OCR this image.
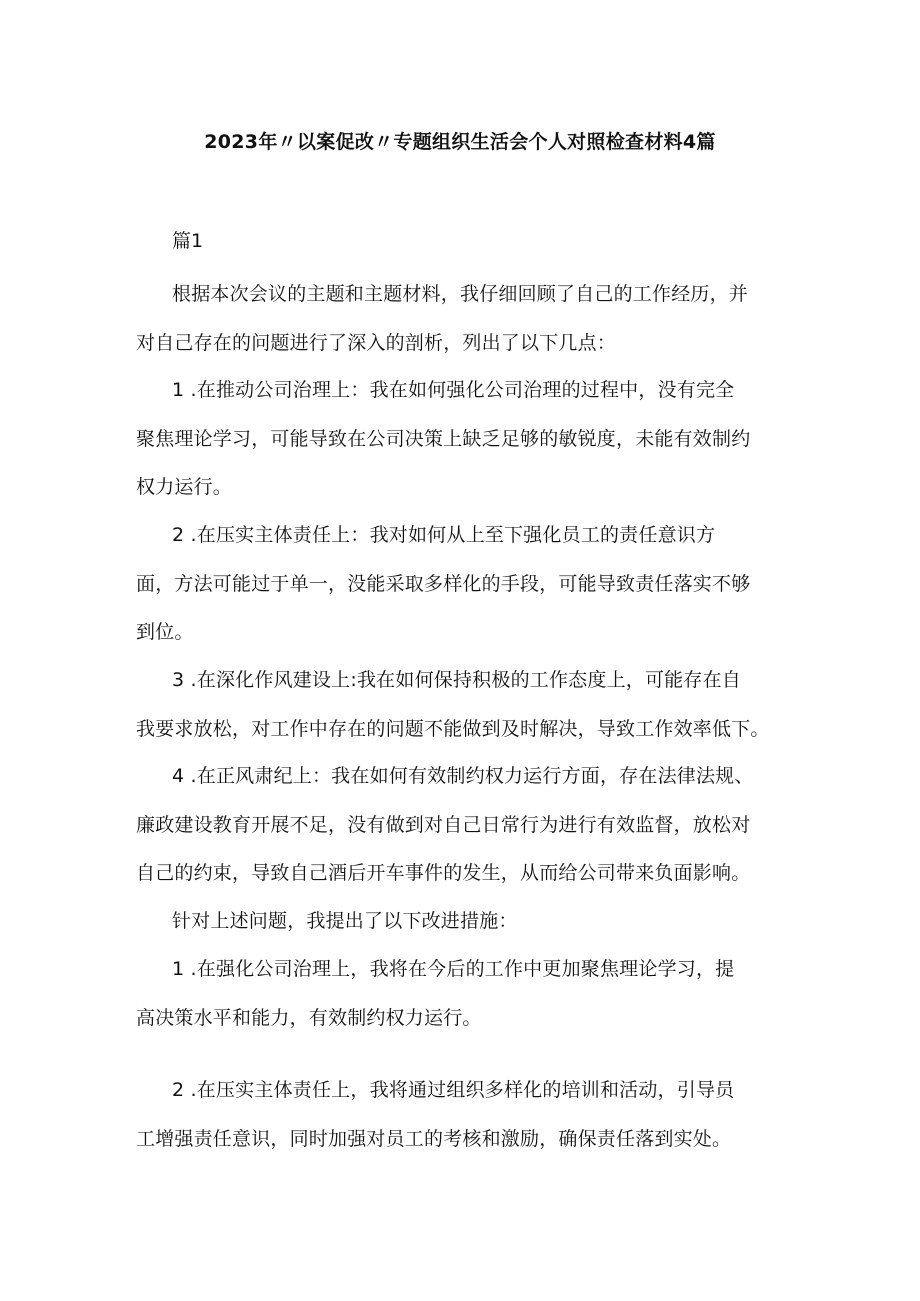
2023年〃以案促改〃专题组织生活会个人对照检查材料4篇
篇1
根据本次会议的主题和主题材料，我仔细回顾了自己的工作经历，并
对自己存在的问题进行了深入的剖析，列出了以下几点：
1 .在推动公司治理上：我在如何强化公司治理的过程中，没有完全
聚焦理论学习，可能导致在公司决策上缺乏足够的敏锐度，未能有效制约
权力运行。
2 .在压实主体责任上：我对如何从上至下强化员工的责任意识方
面，方法可能过于单一，没能采取多样化的手段，可能导致责任落实不够
到位。
3 .在深化作风建设上:我在如何保持积极的工作态度上，可能存在自
我要求放松，对工作中存在的问题不能做到及时解决，导致工作效率低下。
4 .在正风肃纪上：我在如何有效制约权力运行方面，存在法律法规、
廉政建设教育开展不足，没有做到对自己日常行为进行有效监督，放松对
自己的约束，导致自己酒后开车事件的发生，从而给公司带来负面影响。
针对上述问题，我提出了以下改进措施：
1 .在强化公司治理上，我将在今后的工作中更加聚焦理论学习，提
高决策水平和能力，有效制约权力运行。
2 .在压实主体责任上，我将通过组织多样化的培训和活动，引导员
工增强责任意识，同时加强对员工的考核和激励，确保责任落到实处。
